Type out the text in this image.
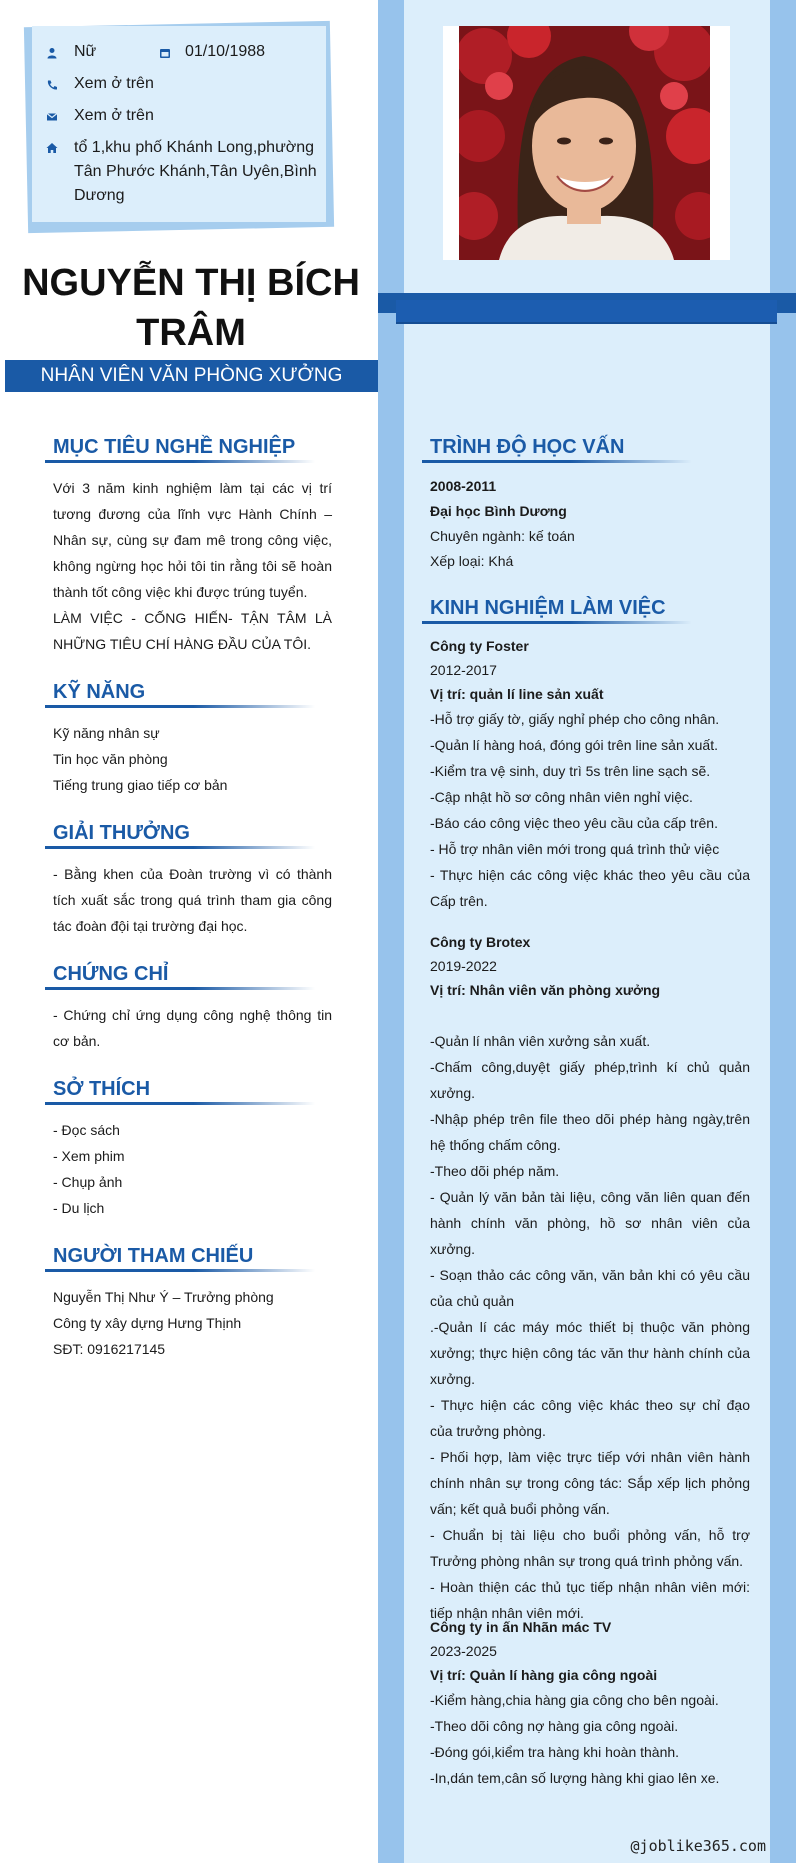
Nữ	01/10/1988
Xem ở trên
Xem ở trên
tổ 1,khu phố Khánh Long,phường
Tân Phước Khánh,Tân Uyên,Bình
Dương
NGUYỄN THỊ BÍCH
TRÂM
NHÂN VIÊN VĂN PHÒNG XƯỞNG
MỤC TIÊU NGHỀ NGHIỆP
Với 3 năm kinh nghiệm làm tại các vị trí tương đương của lĩnh vực Hành Chính – Nhân sự, cùng sự đam mê trong công việc, không ngừng học hỏi tôi tin rằng tôi sẽ hoàn thành tốt công việc khi được trúng tuyển.
LÀM VIỆC - CỐNG HIẾN- TẬN TÂM LÀ NHỮNG TIÊU CHÍ HÀNG ĐẦU CỦA TÔI.
KỸ NĂNG
Kỹ năng nhân sự
Tin học văn phòng
Tiếng trung giao tiếp cơ bản
GIẢI THƯỞNG
- Bằng khen của Đoàn trường vì có thành tích xuất sắc trong quá trình tham gia công tác đoàn đội tại trường đại học.
CHỨNG CHỈ
- Chứng chỉ ứng dụng công nghệ thông tin cơ bản.
SỞ THÍCH
- Đọc sách
- Xem phim
- Chụp ảnh
- Du lịch
NGƯỜI THAM CHIẾU
Nguyễn Thị Như Ý – Trưởng phòng
Công ty xây dựng Hưng Thịnh
SĐT: 0916217145
TRÌNH ĐỘ HỌC VẤN
2008-2011
Đại học Bình Dương
Chuyên ngành: kế toán
Xếp loại: Khá
KINH NGHIỆM LÀM VIỆC
Công ty Foster
2012-2017
Vị trí: quản lí line sản xuất
-Hỗ trợ giấy tờ, giấy nghỉ phép cho công nhân.
-Quản lí hàng hoá, đóng gói trên line sản xuất.
-Kiểm tra vệ sinh, duy trì 5s trên line sạch sẽ.
-Cập nhật hồ sơ công nhân viên nghỉ việc.
-Báo cáo công việc theo yêu cầu của cấp trên.
- Hỗ trợ nhân viên mới trong quá trình thử việc
- Thực hiện các công việc khác theo yêu cầu của Cấp trên.
Công ty Brotex
2019-2022
Vị trí: Nhân viên văn phòng xưởng
-Quản lí nhân viên xưởng sản xuất.
-Chấm công,duyệt giấy phép,trình kí chủ quản xưởng.
-Nhập phép trên file theo dõi phép hàng ngày,trên hệ thống chấm công.
-Theo dõi phép năm.
- Quản lý văn bản tài liệu, công văn liên quan đến hành chính văn phòng, hồ sơ nhân viên của xưởng.
- Soạn thảo các công văn, văn bản khi có yêu cầu của chủ quản
.-Quản lí các máy móc thiết bị thuộc văn phòng xưởng; thực hiện công tác văn thư hành chính của xưởng.
- Thực hiện các công việc khác theo sự chỉ đạo của trưởng phòng.
- Phối hợp, làm việc trực tiếp với nhân viên hành chính nhân sự trong công tác: Sắp xếp lịch phỏng vấn; kết quả buổi phỏng vấn.
- Chuẩn bị tài liệu cho buổi phỏng vấn, hỗ trợ Trưởng phòng nhân sự trong quá trình phỏng vấn.
- Hoàn thiện các thủ tục tiếp nhận nhân viên mới: tiếp nhận nhân viên mới.
Công ty in ấn Nhãn mác TV
2023-2025
Vị trí: Quản lí hàng gia công ngoài
-Kiểm hàng,chia hàng gia công cho bên ngoài.
-Theo dõi công nợ hàng gia công ngoài.
-Đóng gói,kiểm tra hàng khi hoàn thành.
-In,dán tem,cân số lượng hàng khi giao lên xe.
@joblike365.com
